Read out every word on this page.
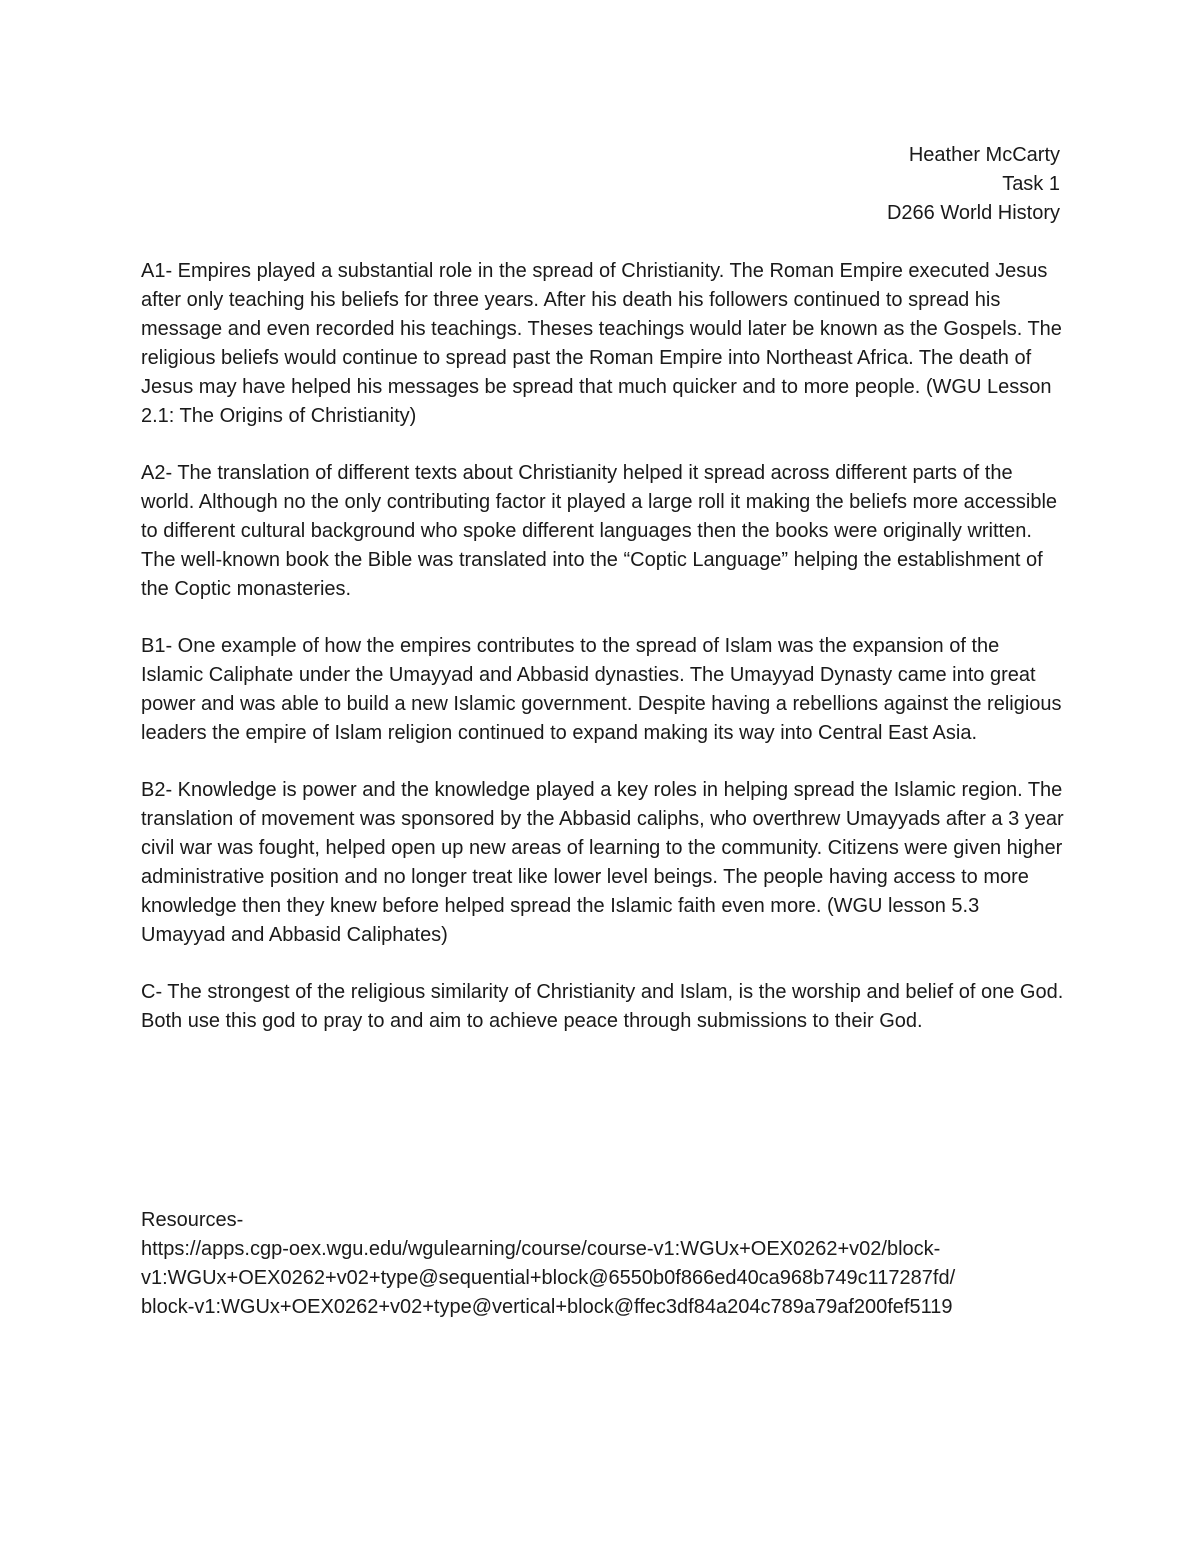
Heather McCarty
Task 1
D266 World History

A1- Empires played a substantial role in the spread of Christianity. The Roman Empire executed Jesus after only teaching his beliefs for three years. After his death his followers continued to spread his message and even recorded his teachings. Theses teachings would later be known as the Gospels. The religious beliefs would continue to spread past the Roman Empire into Northeast Africa. The death of Jesus may have helped his messages be spread that much quicker and to more people. (WGU Lesson 2.1: The Origins of Christianity)

A2- The translation of different texts about Christianity helped it spread across different parts of the world. Although no the only contributing factor it played a large roll it making the beliefs more accessible to different cultural background who spoke different languages then the books were originally written. The well-known book the Bible was translated into the “Coptic Language” helping the establishment of the Coptic monasteries.

B1- One example of how the empires contributes to the spread of Islam was the expansion of the Islamic Caliphate under the Umayyad and Abbasid dynasties. The Umayyad Dynasty came into great power and was able to build a new Islamic government. Despite having a rebellions against the religious leaders the empire of Islam religion continued to expand making its way into Central East Asia.

B2- Knowledge is power and the knowledge played a key roles in helping spread the Islamic region. The translation of movement was sponsored by the Abbasid caliphs, who overthrew Umayyads after a 3 year civil war was fought, helped open up new areas of learning to the community. Citizens were given higher administrative position and no longer treat like lower level beings. The people having access to more knowledge then they knew before helped spread the Islamic faith even more. (WGU lesson 5.3 Umayyad and Abbasid Caliphates)

C- The strongest of the religious similarity of Christianity and Islam, is the worship and belief of one God. Both use this god to pray to and aim to achieve peace through submissions to their God.

Resources-
https://apps.cgp-oex.wgu.edu/wgulearning/course/course-v1:WGUx+OEX0262+v02/block-
v1:WGUx+OEX0262+v02+type@sequential+block@6550b0f866ed40ca968b749c117287fd/
block-v1:WGUx+OEX0262+v02+type@vertical+block@ffec3df84a204c789a79af200fef5119
